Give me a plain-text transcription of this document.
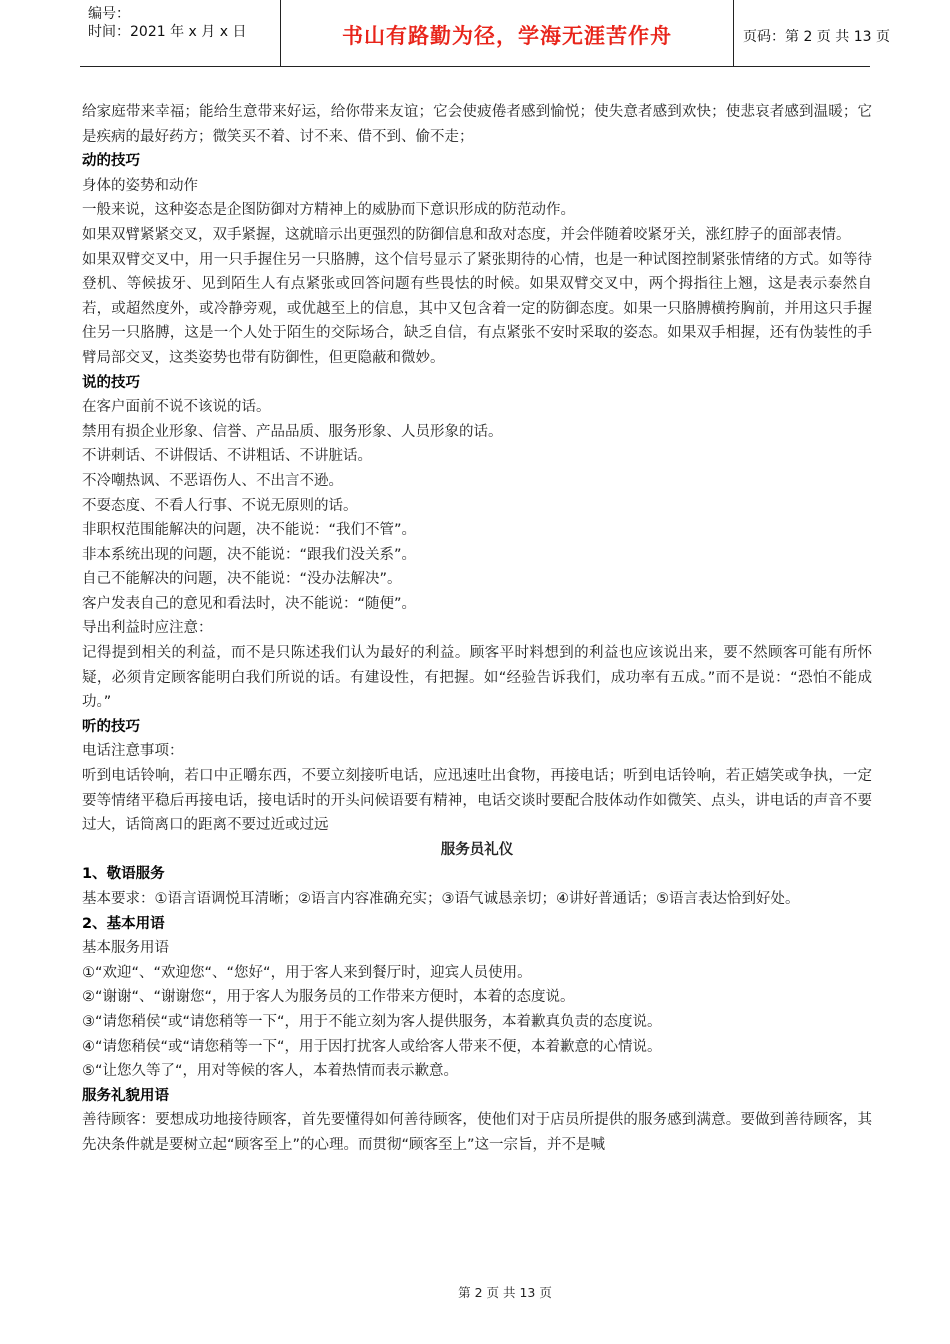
编号：
时间：2021 年 x 月 x 日	书山有路勤为径，学海无涯苦作舟	页码：第 2 页 共 13 页

给家庭带来幸福；能给生意带来好运，给你带来友谊；它会使疲倦者感到愉悦；使失意者感到欢快；使悲哀者感到温暖；它是疾病的最好药方；微笑买不着、讨不来、借不到、偷不走；

动的技巧

身体的姿势和动作

一般来说，这种姿态是企图防御对方精神上的威胁而下意识形成的防范动作。

如果双臂紧紧交叉，双手紧握，这就暗示出更强烈的防御信息和敌对态度，并会伴随着咬紧牙关，涨红脖子的面部表情。

如果双臂交叉中，用一只手握住另一只胳膊，这个信号显示了紧张期待的心情，也是一种试图控制紧张情绪的方式。如等待登机、等候拔牙、见到陌生人有点紧张或回答问题有些畏怯的时候。如果双臂交叉中，两个拇指往上翘，这是表示泰然自若，或超然度外，或冷静旁观，或优越至上的信息，其中又包含着一定的防御态度。如果一只胳膊横挎胸前，并用这只手握住另一只胳膊，这是一个人处于陌生的交际场合，缺乏自信，有点紧张不安时采取的姿态。如果双手相握，还有伪装性的手臂局部交叉，这类姿势也带有防御性，但更隐蔽和微妙。

说的技巧

在客户面前不说不该说的话。

禁用有损企业形象、信誉、产品品质、服务形象、人员形象的话。

不讲刺话、不讲假话、不讲粗话、不讲脏话。

不冷嘲热讽、不恶语伤人、不出言不逊。

不耍态度、不看人行事、不说无原则的话。

非职权范围能解决的问题，决不能说：“我们不管”。

非本系统出现的问题，决不能说：“跟我们没关系”。

自己不能解决的问题，决不能说：“没办法解决”。

客户发表自己的意见和看法时，决不能说：“随便”。

导出利益时应注意：

记得提到相关的利益，而不是只陈述我们认为最好的利益。顾客平时料想到的利益也应该说出来，要不然顾客可能有所怀疑，必须肯定顾客能明白我们所说的话。有建设性，有把握。如“经验告诉我们，成功率有五成。”而不是说：“恐怕不能成功。”

听的技巧

电话注意事项：

听到电话铃响，若口中正嚼东西，不要立刻接听电话，应迅速吐出食物，再接电话；听到电话铃响，若正嬉笑或争执，一定要等情绪平稳后再接电话，接电话时的开头问候语要有精神，电话交谈时要配合肢体动作如微笑、点头，讲电话的声音不要过大，话筒离口的距离不要过近或过远

服务员礼仪

1、敬语服务

基本要求：①语言语调悦耳清晰；②语言内容准确充实；③语气诚恳亲切；④讲好普通话；⑤语言表达恰到好处。

2、基本用语

基本服务用语

①“欢迎“、“欢迎您“、“您好“，用于客人来到餐厅时，迎宾人员使用。

②“谢谢“、“谢谢您“，用于客人为服务员的工作带来方便时，本着的态度说。

③“请您稍侯“或“请您稍等一下“，用于不能立刻为客人提供服务，本着歉真负责的态度说。

④“请您稍侯“或“请您稍等一下“，用于因打扰客人或给客人带来不便，本着歉意的心情说。

⑤“让您久等了“，用对等候的客人，本着热情而表示歉意。

服务礼貌用语

善待顾客：要想成功地接待顾客，首先要懂得如何善待顾客，使他们对于店员所提供的服务感到满意。要做到善待顾客，其先决条件就是要树立起“顾客至上”的心理。而贯彻“顾客至上”这一宗旨，并不是喊

第 2 页 共 13 页
